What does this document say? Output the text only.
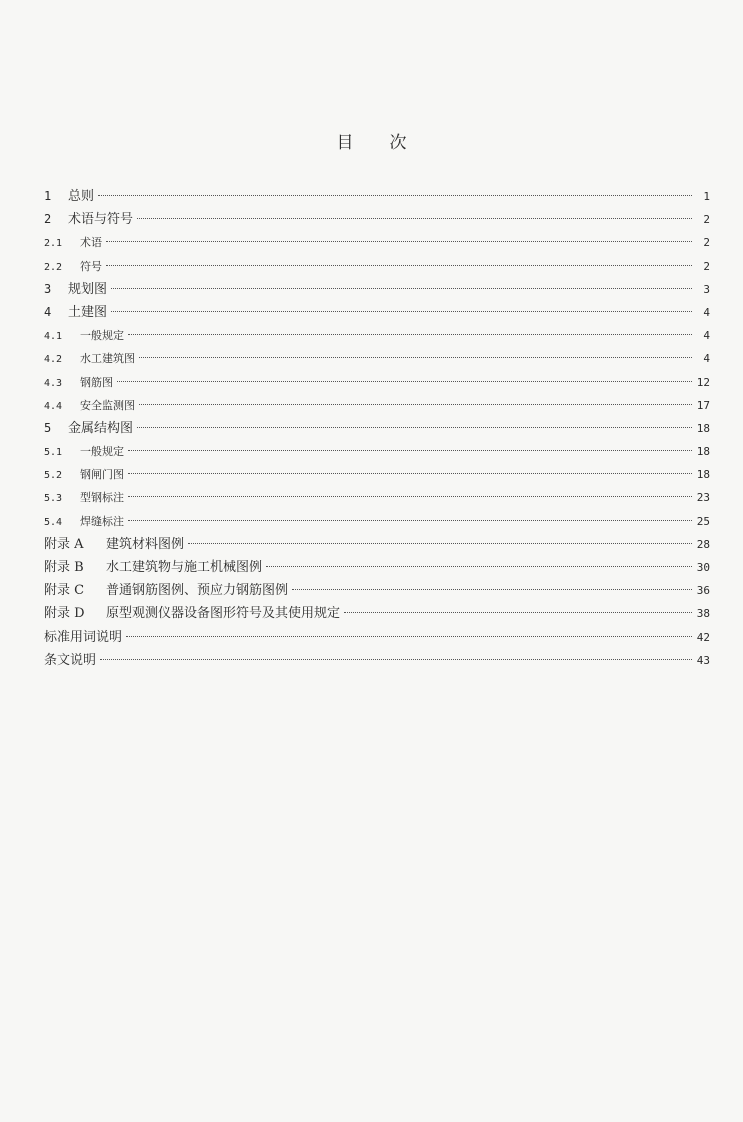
目 次
1	总则	1
2	术语与符号	2
2.1	术语	2
2.2	符号	2
3	规划图	3
4	土建图	4
4.1	一般规定	4
4.2	水工建筑图	4
4.3	钢筋图	12
4.4	安全监测图	17
5	金属结构图	18
5.1	一般规定	18
5.2	钢闸门图	18
5.3	型钢标注	23
5.4	焊缝标注	25
附录 A	建筑材料图例	28
附录 B	水工建筑物与施工机械图例	30
附录 C	普通钢筋图例、预应力钢筋图例	36
附录 D	原型观测仪器设备图形符号及其使用规定	38
标准用词说明	42
条文说明	43
